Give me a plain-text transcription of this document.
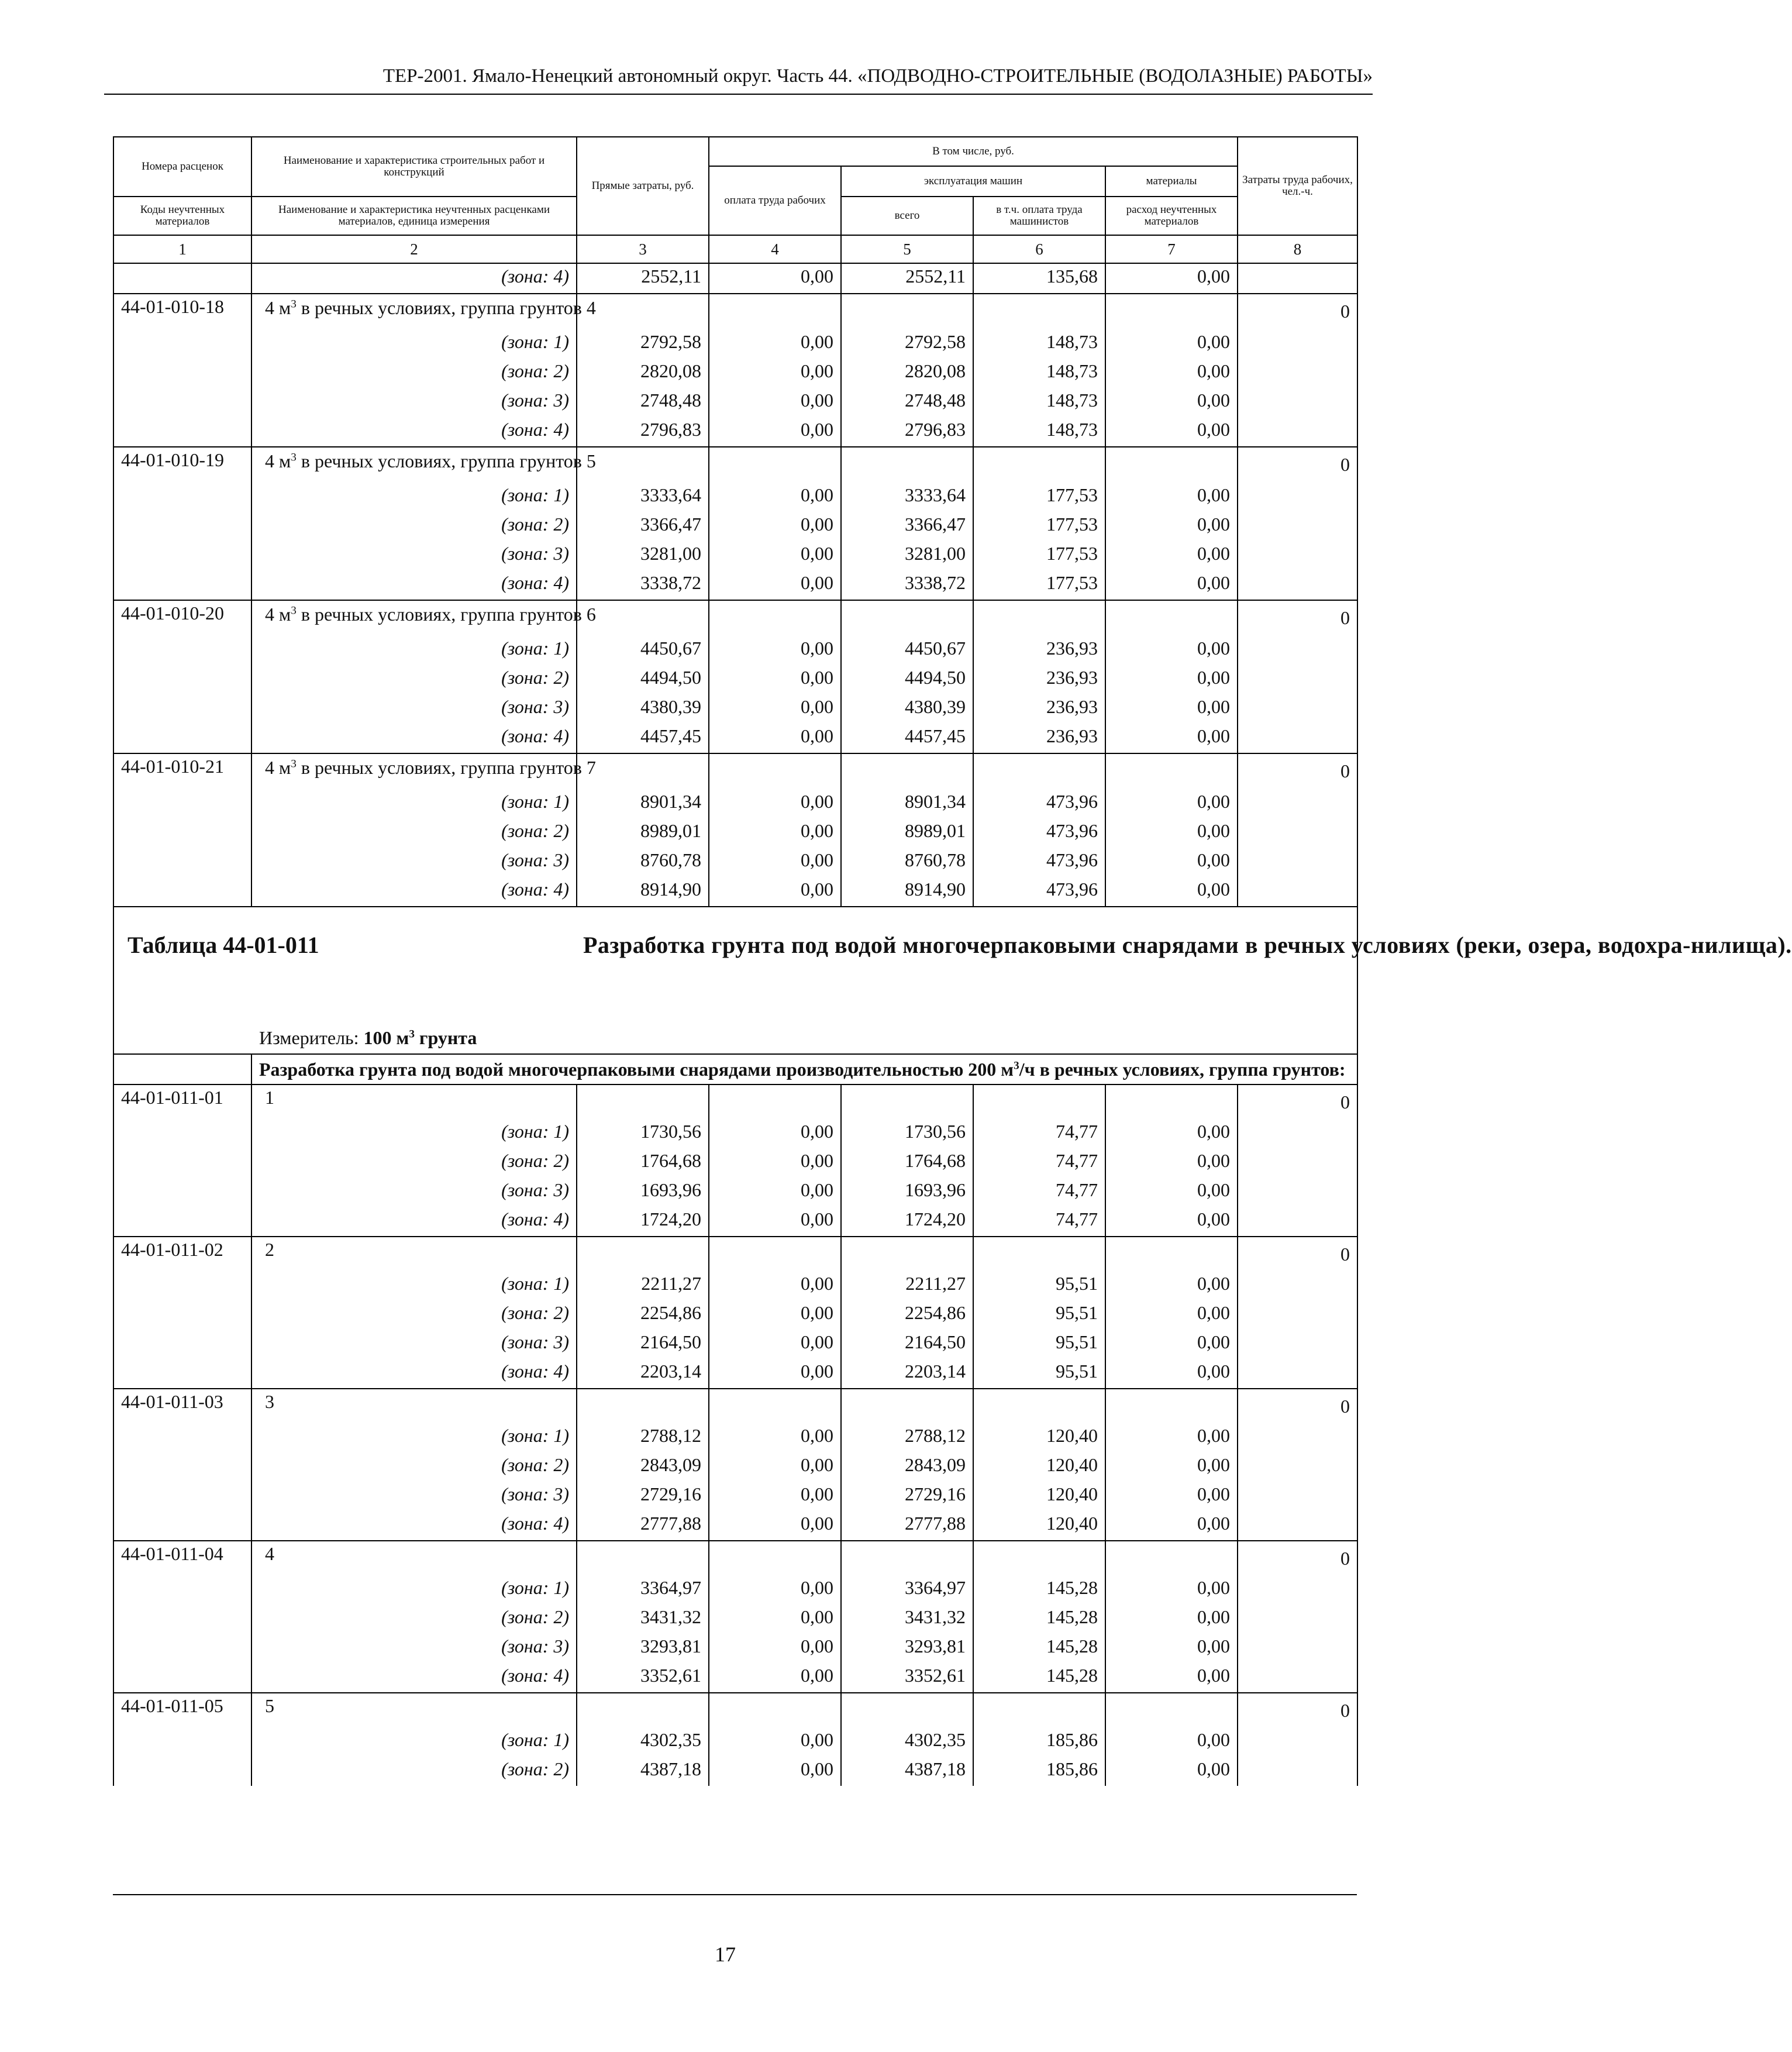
ТЕР-2001. Ямало-Ненецкий автономный округ. Часть 44. «ПОДВОДНО-СТРОИТЕЛЬНЫЕ (ВОДОЛАЗНЫЕ) РАБОТЫ»
Номера расценок	Наименование и характеристика строительных работ и конструкций	Прямые затраты, руб.	В том числе, руб.				Затраты труда рабочих, чел.-ч.
			оплата труда рабочих	эксплуатация машин		материалы	
Коды неучтенных материалов	Наименование и характеристика неучтенных расценками материалов, единица измерения			всего	в т.ч. оплата труда машинистов	расход неучтенных материалов	
1	2	3	4	5	6	7	8
	(зона: 4)	2552,11	0,00	2552,11	135,68	0,00	
44-01-010-18	4 $м^3$ в речных условиях, группа грунтов 4						0
	(зона: 1)	2792,58	0,00	2792,58	148,73	0,00	
	(зона: 2)	2820,08	0,00	2820,08	148,73	0,00	
	(зона: 3)	2748,48	0,00	2748,48	148,73	0,00	
	(зона: 4)	2796,83	0,00	2796,83	148,73	0,00	
44-01-010-19	4 $м^3$ в речных условиях, группа грунтов 5						0
	(зона: 1)	3333,64	0,00	3333,64	177,53	0,00	
	(зона: 2)	3366,47	0,00	3366,47	177,53	0,00	
	(зона: 3)	3281,00	0,00	3281,00	177,53	0,00	
	(зона: 4)	3338,72	0,00	3338,72	177,53	0,00	
44-01-010-20	4 $м^3$ в речных условиях, группа грунтов 6						0
	(зона: 1)	4450,67	0,00	4450,67	236,93	0,00	
	(зона: 2)	4494,50	0,00	4494,50	236,93	0,00	
	(зона: 3)	4380,39	0,00	4380,39	236,93	0,00	
	(зона: 4)	4457,45	0,00	4457,45	236,93	0,00	
44-01-010-21	4 $м^3$ в речных условиях, группа грунтов 7						0
	(зона: 1)	8901,34	0,00	8901,34	473,96	0,00	
	(зона: 2)	8989,01	0,00	8989,01	473,96	0,00	
	(зона: 3)	8760,78	0,00	8760,78	473,96	0,00	
	(зона: 4)	8914,90	0,00	8914,90	473,96	0,00	

Таблица 44-01-011 Разработка грунта под водой многочерпаковыми снарядами в речных условиях (реки, озера, водохра-нилища).
Измеритель: 100 $м^3$ грунта							

	Разработка грунта под водой многочерпаковыми снарядами производительностью 200 $м^3/ч$ в речных условиях, группа грунтов:						

44-01-011-01	1						0
	(зона: 1)	1730,56	0,00	1730,56	74,77	0,00	
	(зона: 2)	1764,68	0,00	1764,68	74,77	0,00	
	(зона: 3)	1693,96	0,00	1693,96	74,77	0,00	
	(зона: 4)	1724,20	0,00	1724,20	74,77	0,00	
44-01-011-02	2						0
	(зона: 1)	2211,27	0,00	2211,27	95,51	0,00	
	(зона: 2)	2254,86	0,00	2254,86	95,51	0,00	
	(зона: 3)	2164,50	0,00	2164,50	95,51	0,00	
	(зона: 4)	2203,14	0,00	2203,14	95,51	0,00	
44-01-011-03	3						0
	(зона: 1)	2788,12	0,00	2788,12	120,40	0,00	
	(зона: 2)	2843,09	0,00	2843,09	120,40	0,00	
	(зона: 3)	2729,16	0,00	2729,16	120,40	0,00	
	(зона: 4)	2777,88	0,00	2777,88	120,40	0,00	
44-01-011-04	4						0
	(зона: 1)	3364,97	0,00	3364,97	145,28	0,00	
	(зона: 2)	3431,32	0,00	3431,32	145,28	0,00	
	(зона: 3)	3293,81	0,00	3293,81	145,28	0,00	
	(зона: 4)	3352,61	0,00	3352,61	145,28	0,00	
44-01-011-05	5						0
	(зона: 1)	4302,35	0,00	4302,35	185,86	0,00	
	(зона: 2)	4387,18	0,00	4387,18	185,86	0,00	
17
